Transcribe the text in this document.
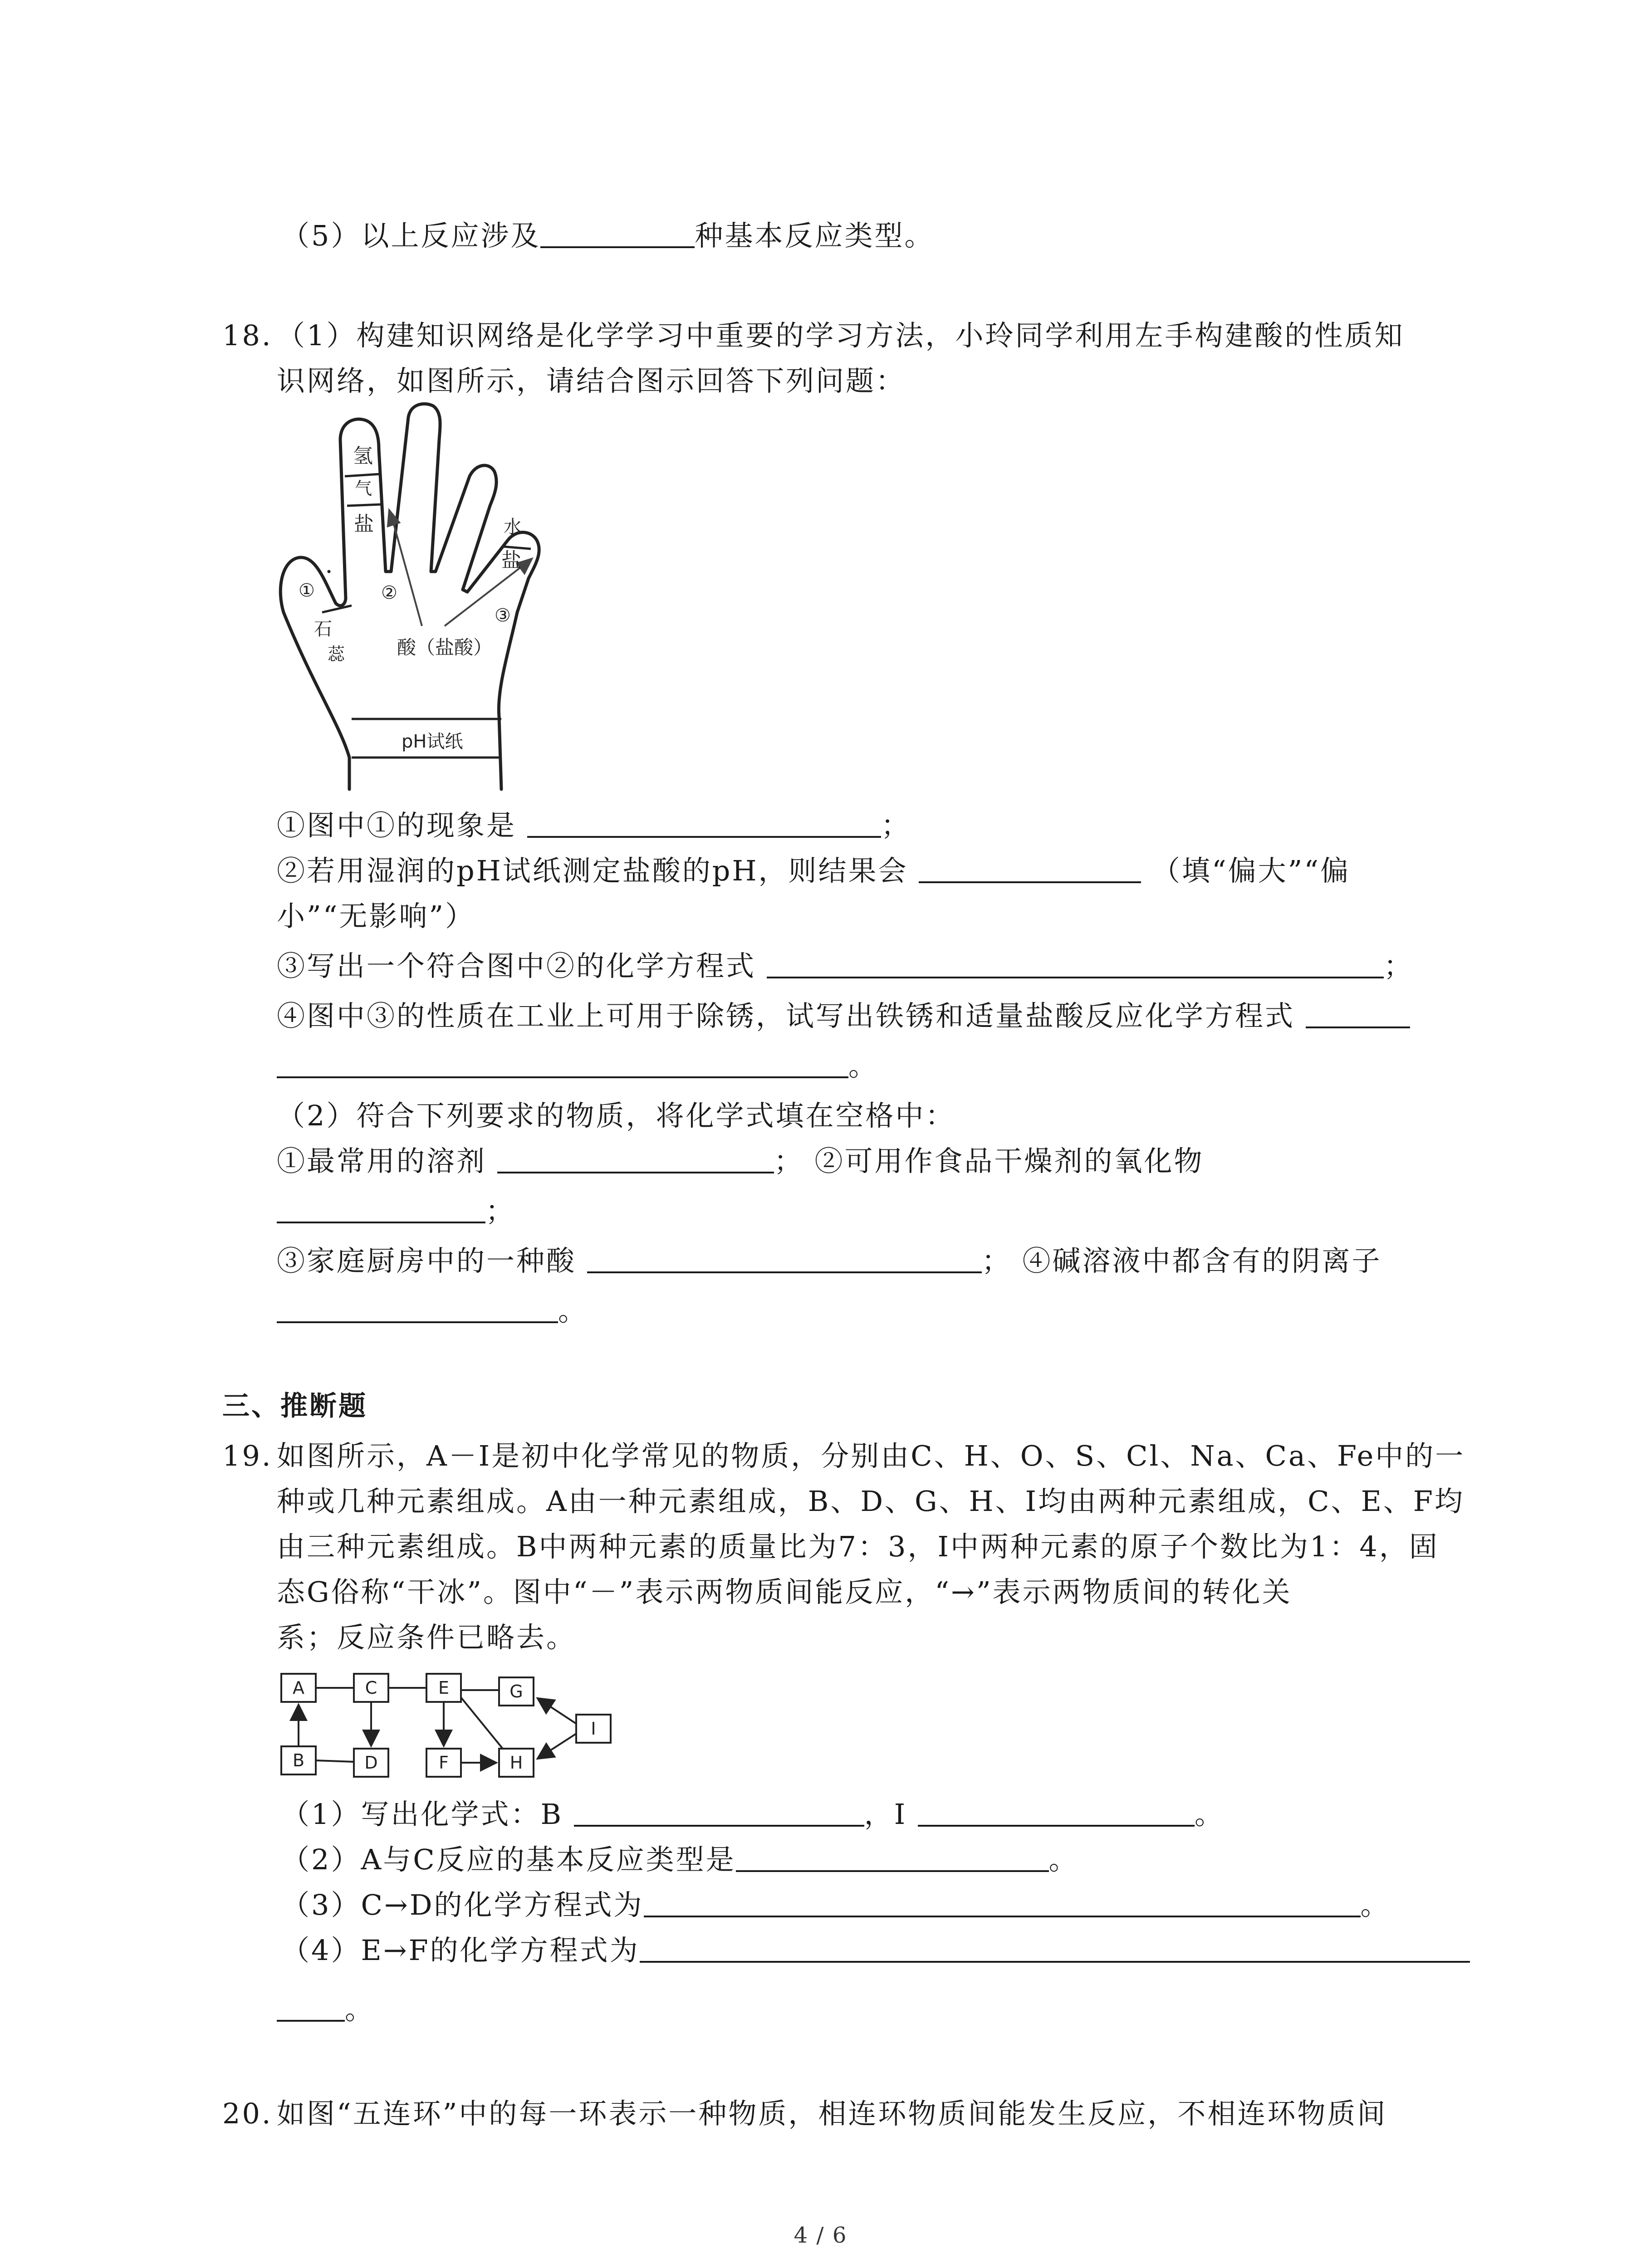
（5）以上反应涉及	种基本反应类型。
18. （1）构建知识网络是化学学习中重要的学习方法，小玲同学利用左手构建酸的性质知
识网络，如图所示，请结合图示回答下列问题：
氢
气
盐	水
盐
①	②
③
石
蕊	酸（盐酸）
pH试纸
①图中①的现象是	；
②若用湿润的pH试纸测定盐酸的pH，则结果会	（填“偏大”“偏
小”“无影响”）
③写出一个符合图中②的化学方程式	；
④图中③的性质在工业上可用于除锈，试写出铁锈和适量盐酸反应化学方程式
。
（2）符合下列要求的物质，将化学式填在空格中：
①最常用的溶剂	； ②可用作食品干燥剂的氧化物
；
③家庭厨房中的一种酸	； ④碱溶液中都含有的阴离子
。
三、推断题
19. 如图所示，A－I是初中化学常见的物质，分别由C、H、O、S、Cl、Na、Ca、Fe中的一
种或几种元素组成。A由一种元素组成，B、D、G、H、I均由两种元素组成，C、E、F均
由三种元素组成。B中两种元素的质量比为7：3，I中两种元素的原子个数比为1：4，固
态G俗称“干冰”。图中“－”表示两物质间能反应，“→”表示两物质间的转化关
系；反应条件已略去。
A	C	E	G
I
B	D	F	H
（1）写出化学式：B	，I	。
（2）A与C反应的基本反应类型是	。
（3）C→D的化学方程式为	。
（4）E→F的化学方程式为
。
20. 如图“五连环”中的每一环表示一种物质，相连环物质间能发生反应，不相连环物质间
4 / 6
